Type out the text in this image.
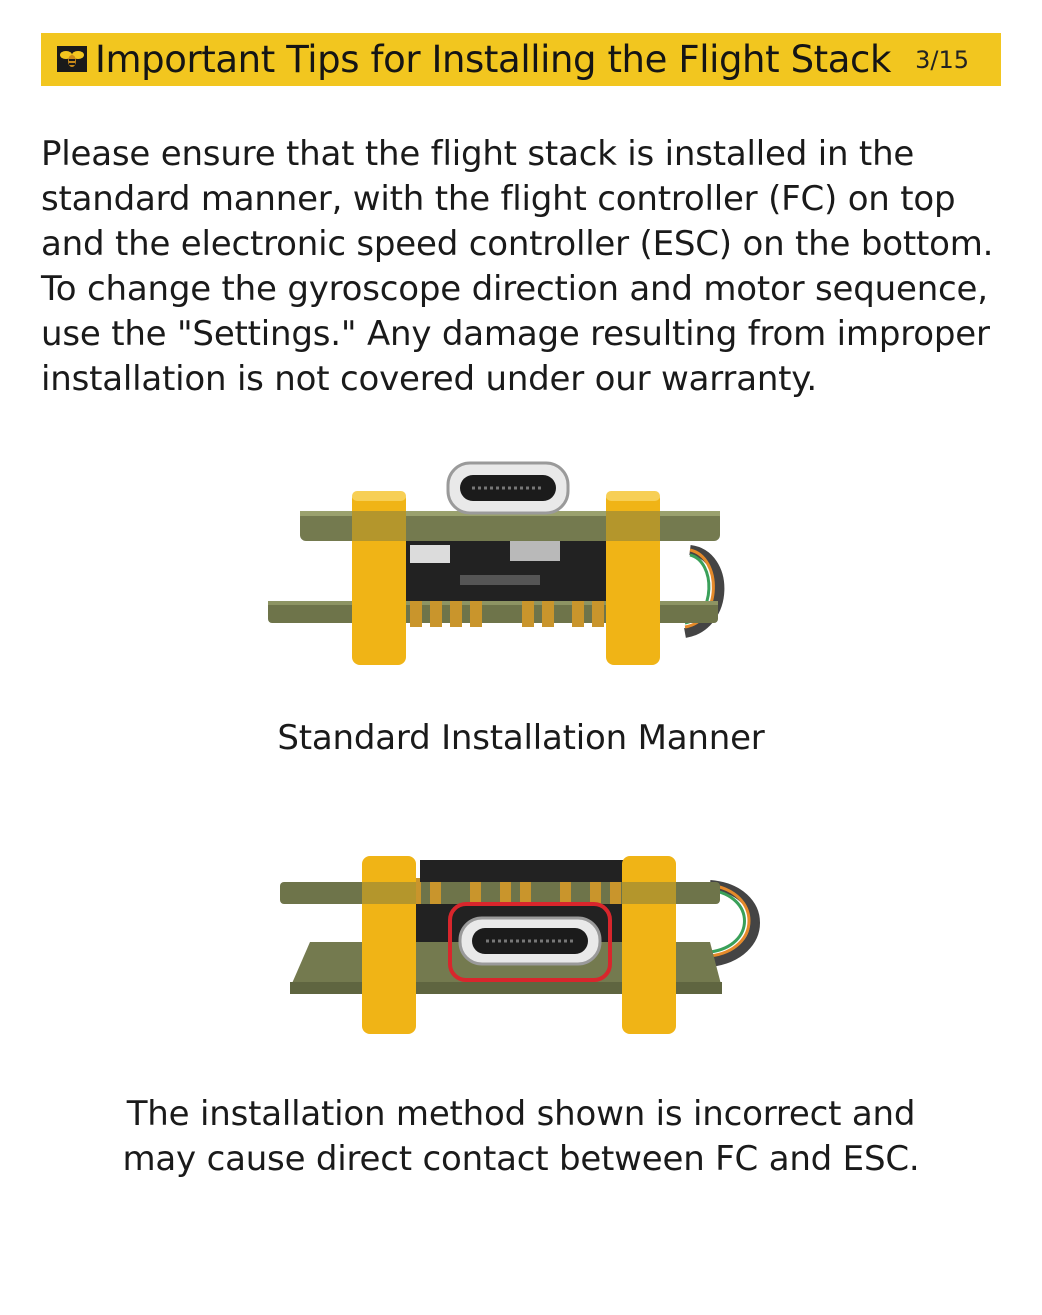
Important Tips for Installing the Flight Stack 3/15

Please ensure that the flight stack is installed in the standard manner, with the flight controller (FC) on top and the electronic speed controller (ESC) on the bottom. To change the gyroscope direction and motor sequence, use the "Settings." Any damage resulting from improper installation is not covered under our warranty.

Standard Installation Manner

The installation method shown is incorrect and may cause direct contact between FC and ESC.
